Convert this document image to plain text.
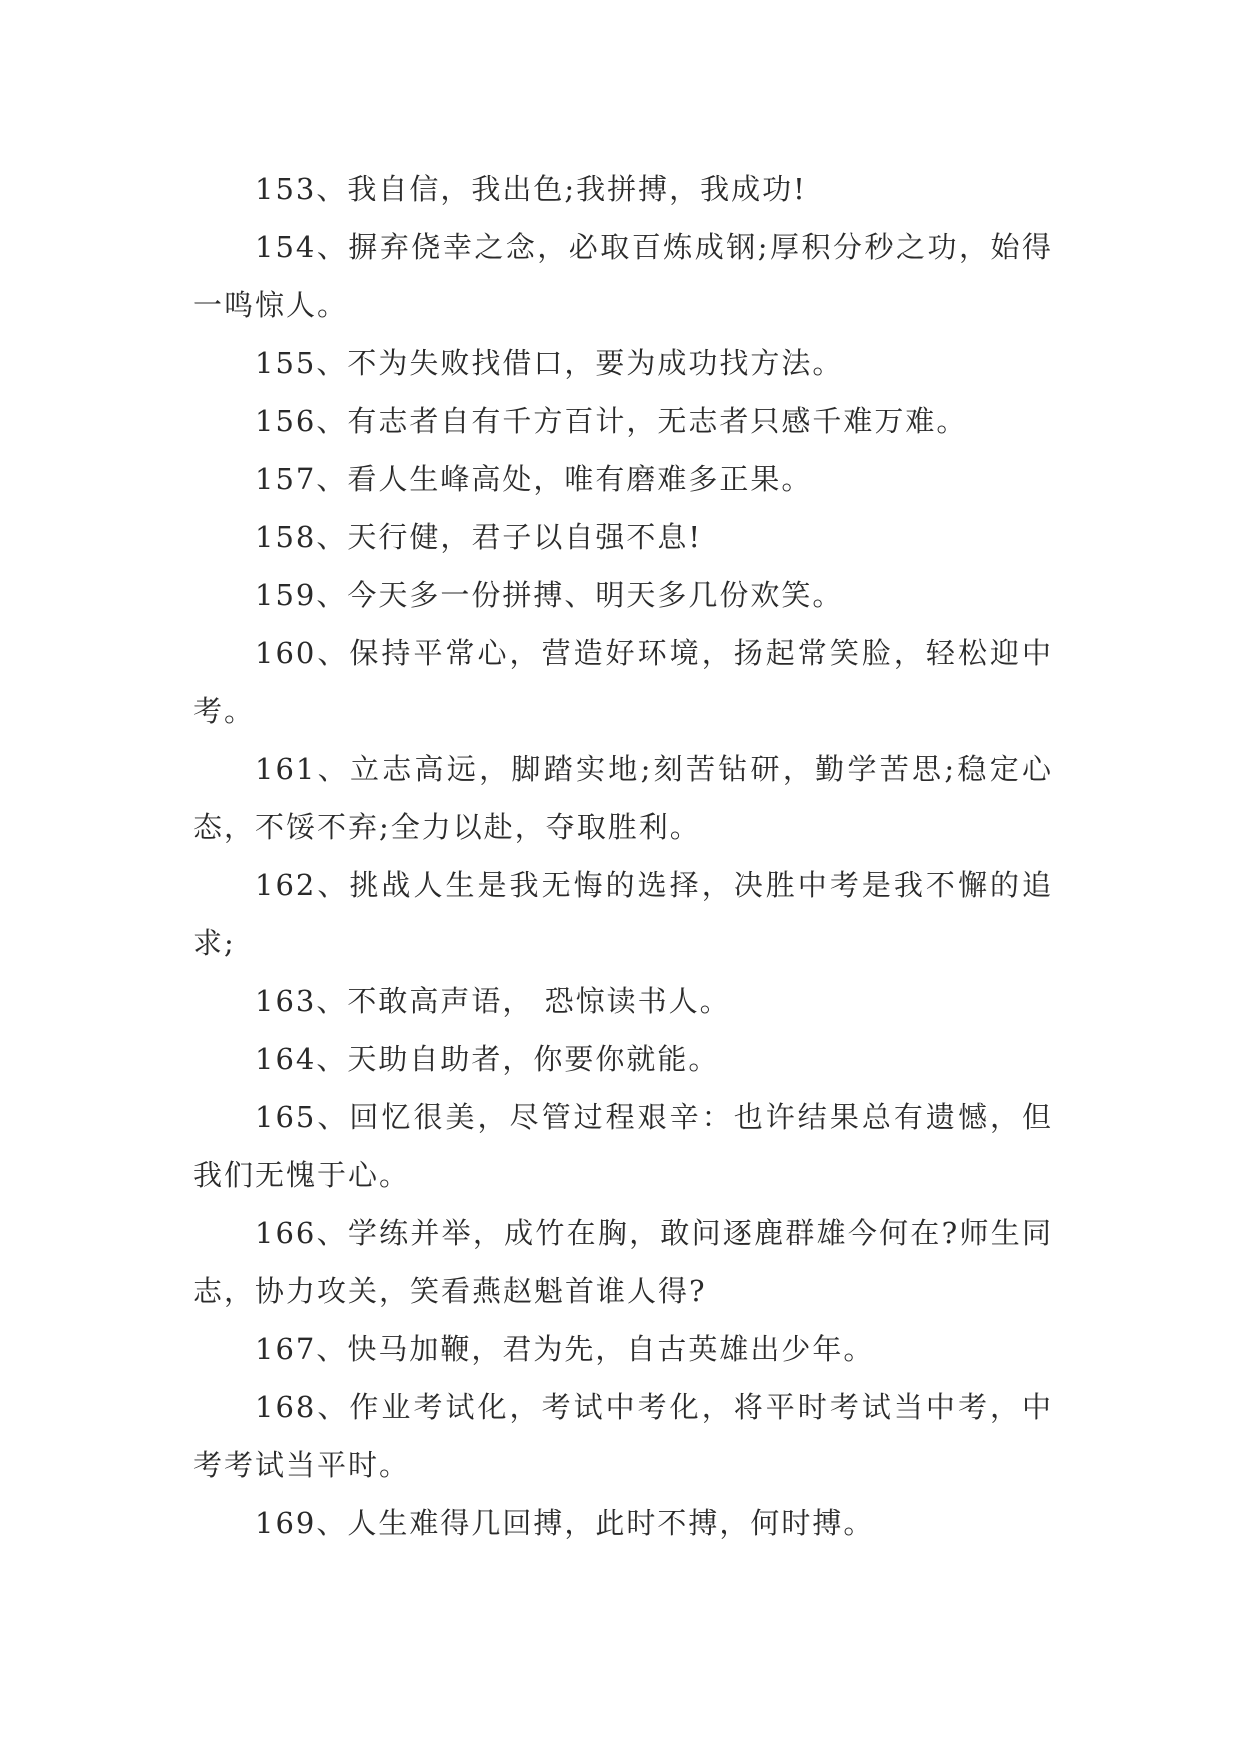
153、我自信，我出色;我拼搏，我成功!

154、摒弃侥幸之念，必取百炼成钢;厚积分秒之功，始得一鸣惊人。

155、不为失败找借口，要为成功找方法。

156、有志者自有千方百计，无志者只感千难万难。

157、看人生峰高处，唯有磨难多正果。

158、天行健，君子以自强不息!

159、今天多一份拼搏、明天多几份欢笑。

160、保持平常心，营造好环境，扬起常笑脸，轻松迎中考。

161、立志高远，脚踏实地;刻苦钻研，勤学苦思;稳定心态，不馁不弃;全力以赴，夺取胜利。

162、挑战人生是我无悔的选择，决胜中考是我不懈的追求;

163、不敢高声语， 恐惊读书人。

164、天助自助者，你要你就能。

165、回忆很美，尽管过程艰辛：也许结果总有遗憾，但我们无愧于心。

166、学练并举，成竹在胸，敢问逐鹿群雄今何在?师生同志，协力攻关，笑看燕赵魁首谁人得?

167、快马加鞭，君为先，自古英雄出少年。

168、作业考试化，考试中考化，将平时考试当中考，中考考试当平时。

169、人生难得几回搏，此时不搏，何时搏。
